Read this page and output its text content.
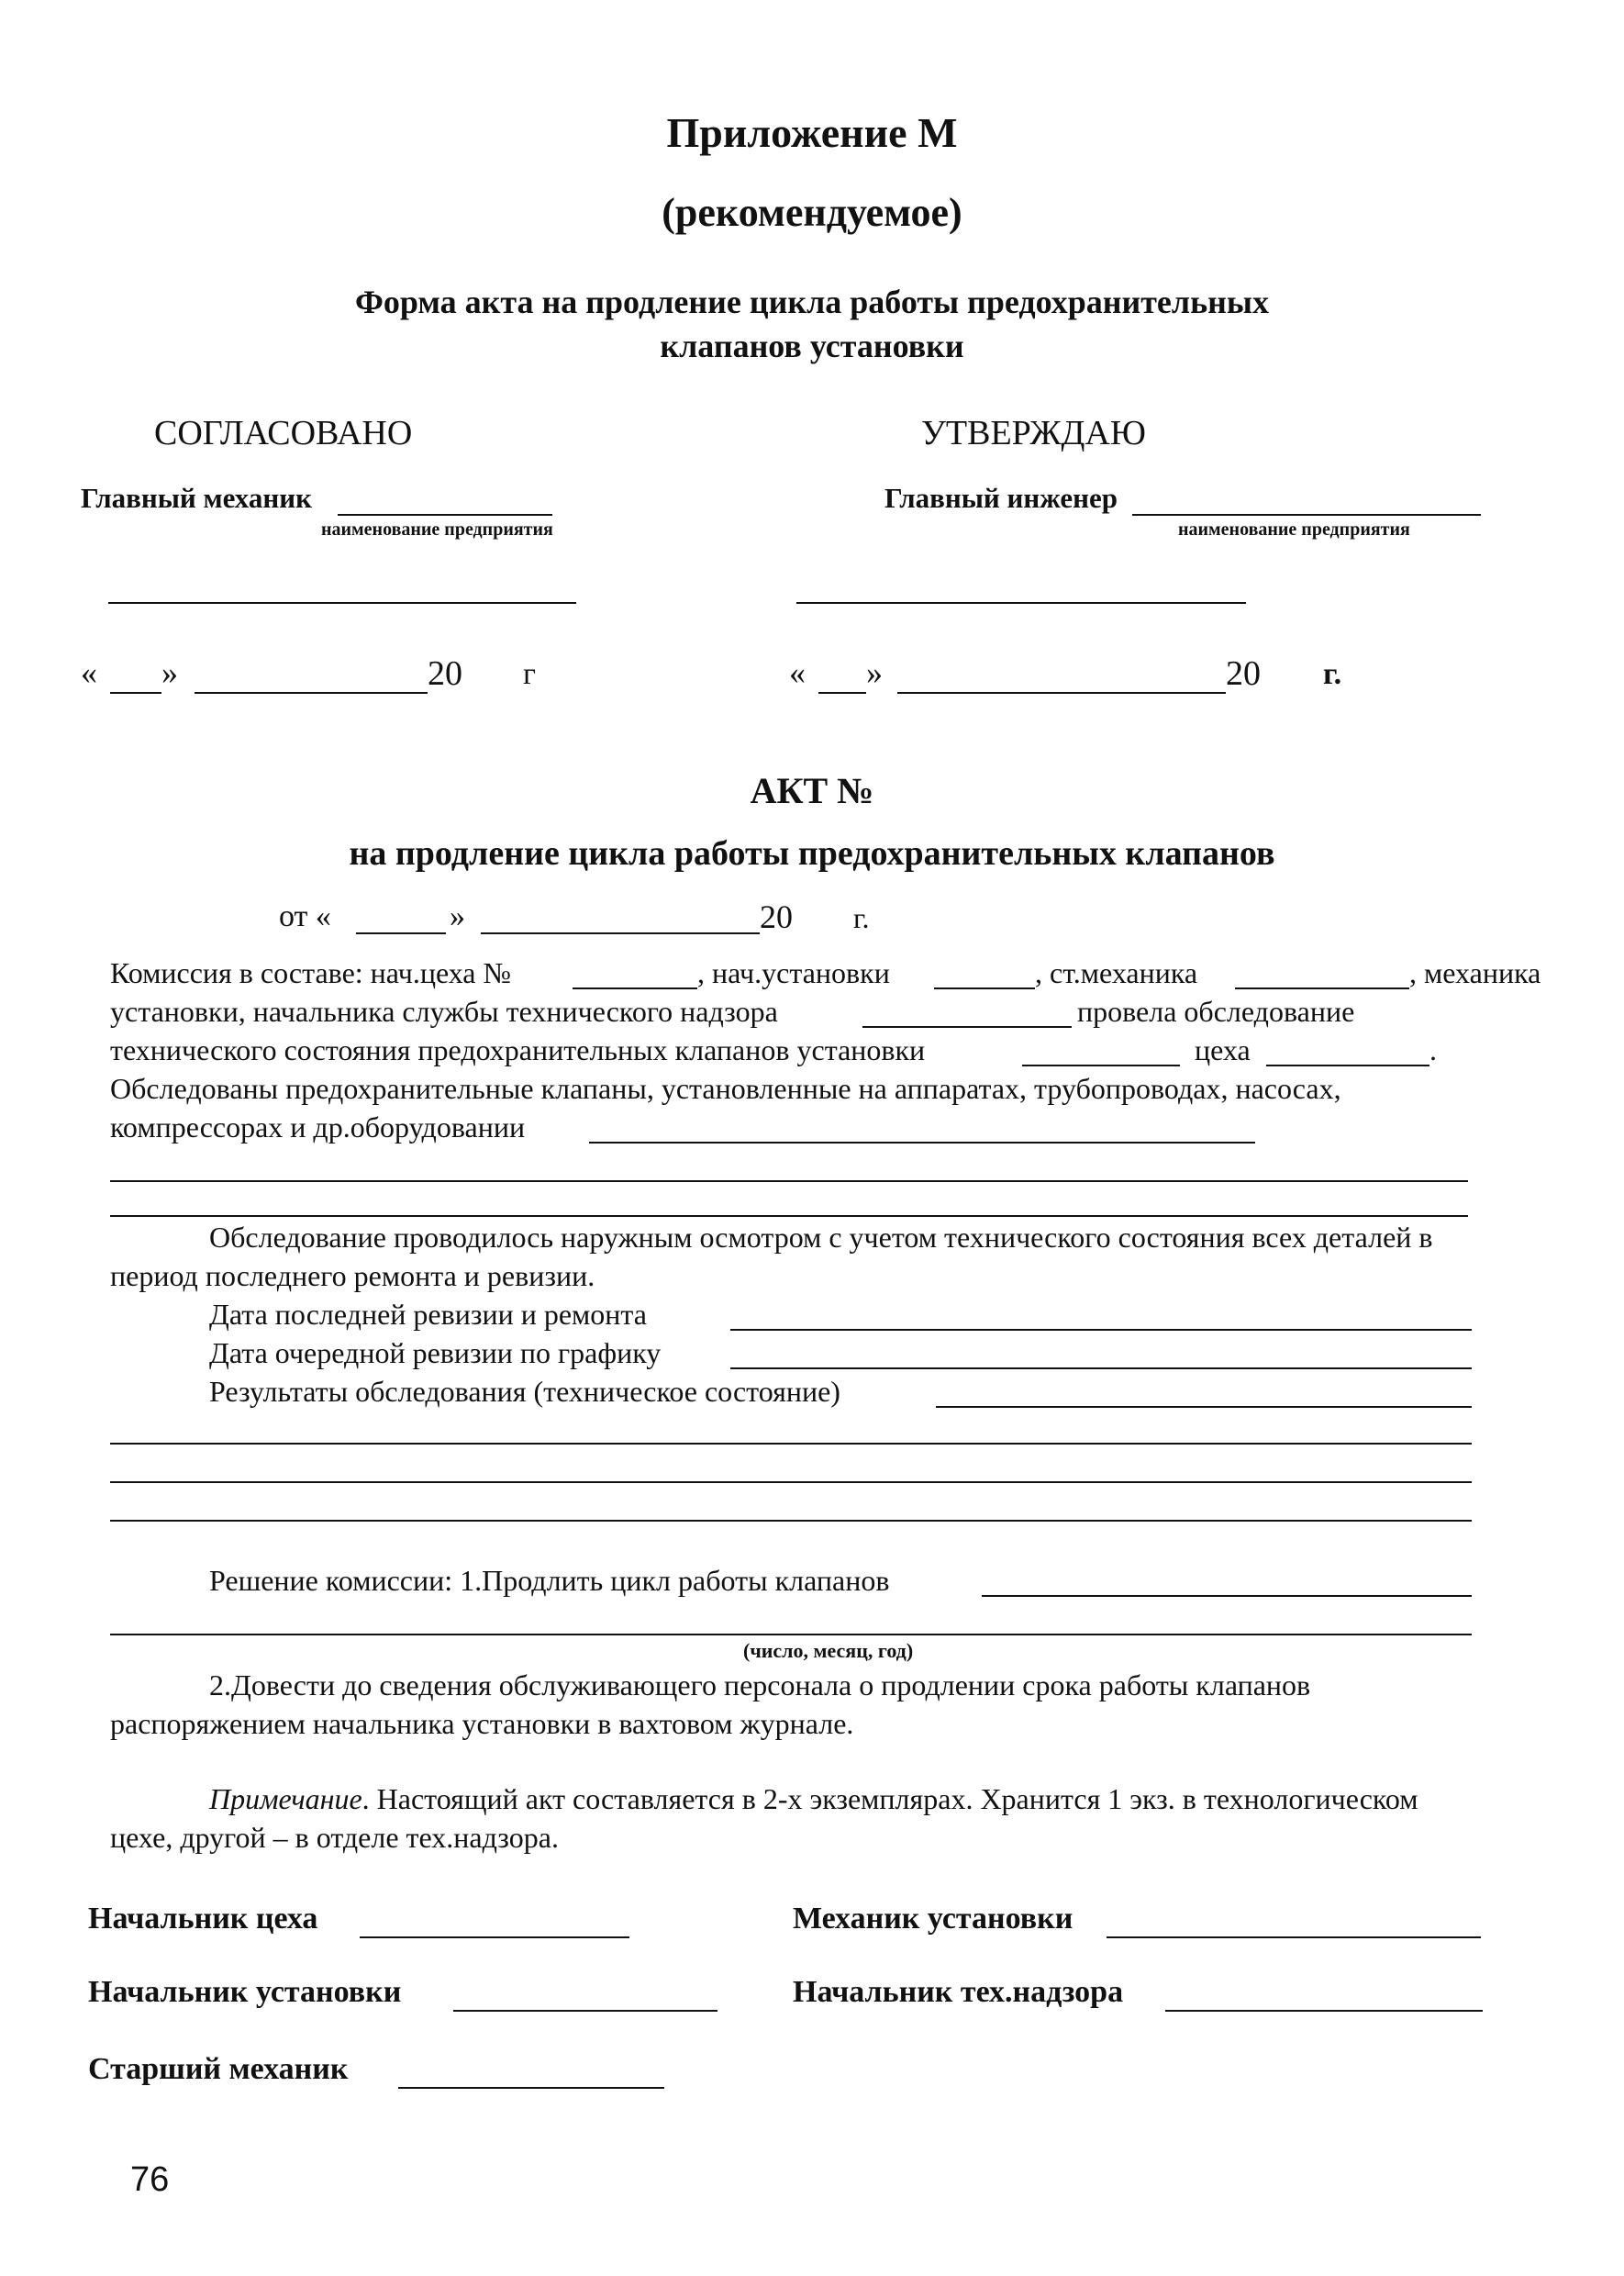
Приложение М
(рекомендуемое)
Форма акта на продление цикла работы предохранительных
клапанов установки
СОГЛАСОВАНО
Главный механик
наименование предприятия
« »	20 г
УТВЕРЖДАЮ
Главный инженер
наименование предприятия
« »	20 г.
АКТ №
на продление цикла работы предохранительных клапанов
от «	»	20 г.
Комиссия в составе: нач.цеха №	, нач.установки	, ст.механика	, механика
установки, начальника службы технического надзора	провела обследование
технического состояния предохранительных клапанов установки	цеха	.
Обследованы предохранительные клапаны, установленные на аппаратах, трубопроводах, насосах,
компрессорах и др.оборудовании
Обследование проводилось наружным осмотром с учетом технического состояния всех деталей в
период последнего ремонта и ревизии.
Дата последней ревизии и ремонта
Дата очередной ревизии по графику
Результаты обследования (техническое состояние)
Решение комиссии: 1.Продлить цикл работы клапанов
(число, месяц, год)
2.Довести до сведения обслуживающего персонала о продлении срока работы клапанов
распоряжением начальника установки в вахтовом журнале.
Примечание. Настоящий акт составляется в 2-х экземплярах. Хранится 1 экз. в технологическом
цехе, другой – в отделе тех.надзора.
Начальник цеха	Механик установки
Начальник установки	Начальник тех.надзора
Старший механик
76
